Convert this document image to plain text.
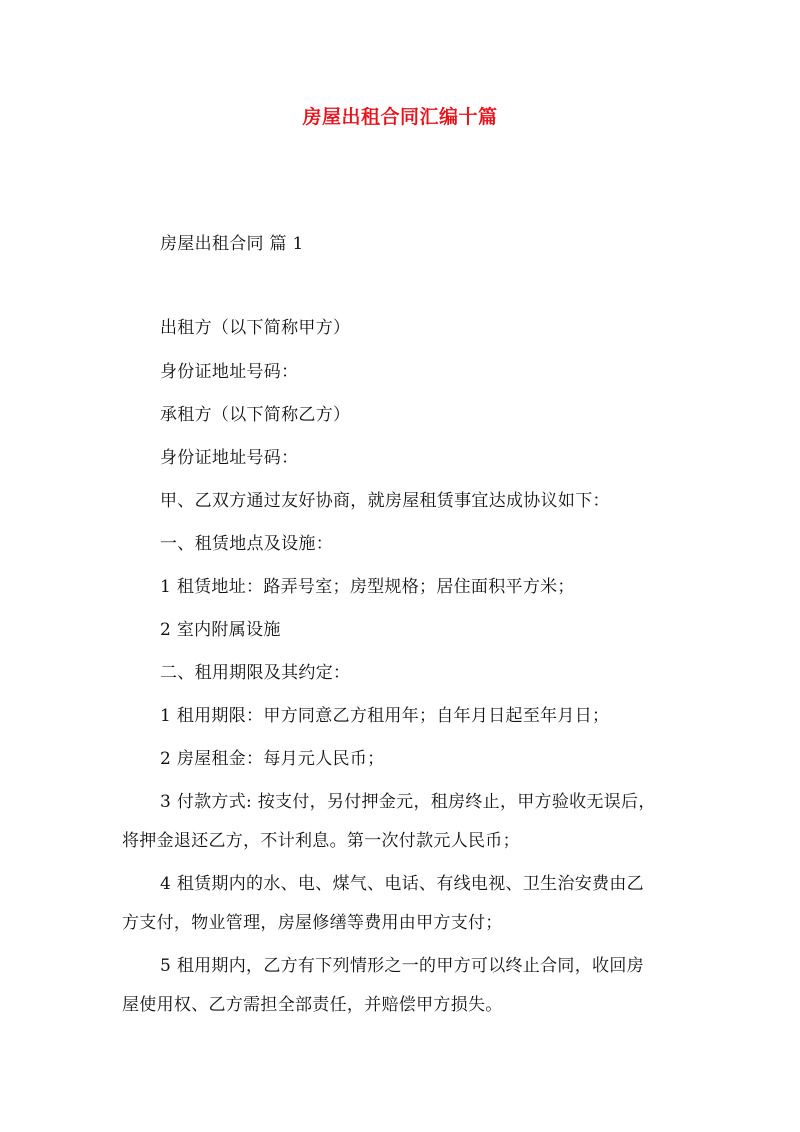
房屋出租合同汇编十篇
房屋出租合同 篇 1
出租方（以下简称甲方）
身份证地址号码：
承租方（以下简称乙方）
身份证地址号码：
甲、乙双方通过友好协商，就房屋租赁事宜达成协议如下：
一、租赁地点及设施：
1 租赁地址：路弄号室；房型规格；居住面积平方米；
2 室内附属设施
二、租用期限及其约定：
1 租用期限：甲方同意乙方租用年；自年月日起至年月日；
2 房屋租金：每月元人民币；
3 付款方式: 按支付，另付押金元，租房终止，甲方验收无误后，
将押金退还乙方，不计利息。第一次付款元人民币；
4 租赁期内的水、电、煤气、电话、有线电视、卫生治安费由乙
方支付，物业管理，房屋修缮等费用由甲方支付；
5 租用期内，乙方有下列情形之一的甲方可以终止合同，收回房
屋使用权、乙方需担全部责任，并赔偿甲方损失。
